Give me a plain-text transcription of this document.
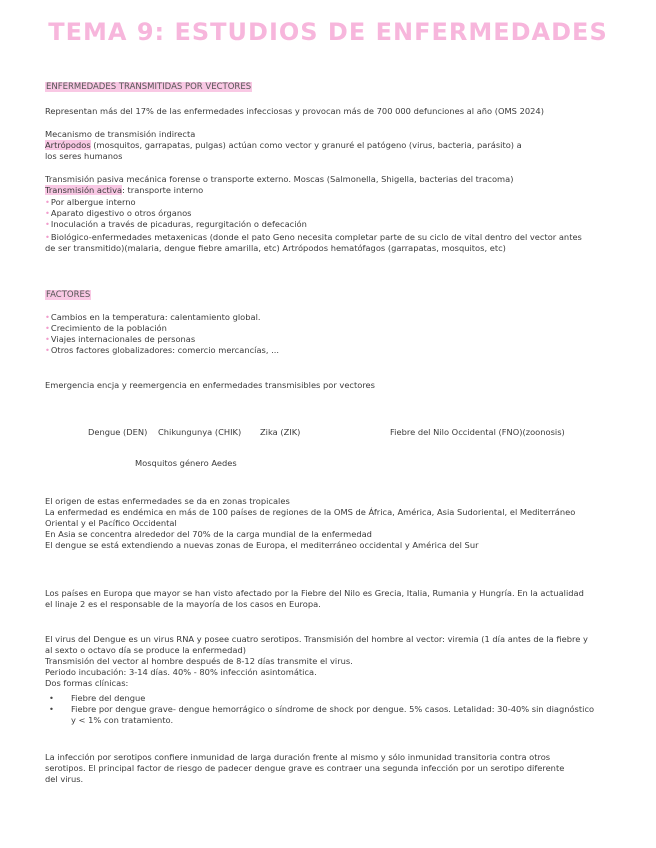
TEMA 9: ESTUDIOS DE ENFERMEDADES
ENFERMEDADES TRANSMITIDAS POR VECTORES
Representan más del 17% de las enfermedades infecciosas y provocan más de 700 000 defunciones al año (OMS 2024)
Mecanismo de transmisión indirecta
Artrópodos (mosquitos, garrapatas, pulgas) actúan como vector y granuré el patógeno (virus, bacteria, parásito) a los seres humanos
Transmisión pasiva mecánica forense o transporte externo. Moscas (Salmonella, Shigella, bacterias del tracoma)
Transmisión activa: transporte interno
•Por albergue interno
•Aparato digestivo o otros órganos
•Inoculación a través de picaduras, regurgitación o defecación
•Biológico-enfermedades metaxenicas (donde el pato Geno necesita completar parte de su ciclo de vital dentro del vector antes
de ser transmitido)(malaria, dengue fiebre amarilla, etc) Artrópodos hematófagos (garrapatas, mosquitos, etc)
FACTORES
•Cambios en la temperatura: calentamiento global.
•Crecimiento de la población
•Viajes internacionales de personas
•Otros factores globalizadores: comercio mercancías, ...
Emergencia encja y reemergencia en enfermedades transmisibles por vectores
Dengue (DEN) Chikungunya (CHIK) Zika (ZIK)	Fiebre del Nilo Occidental (FNO)(zoonosis)
Mosquitos género Aedes
El origen de estas enfermedades se da en zonas tropicales
La enfermedad es endémica en más de 100 países de regiones de la OMS de África, América, Asia Sudoriental, el Mediterráneo
Oriental y el Pacífico Occidental
En Asia se concentra alrededor del 70% de la carga mundial de la enfermedad
El dengue se está extendiendo a nuevas zonas de Europa, el mediterráneo occidental y América del Sur
Los países en Europa que mayor se han visto afectado por la Fiebre del Nilo es Grecia, Italia, Rumania y Hungría. En la actualidad
el linaje 2 es el responsable de la mayoría de los casos en Europa.
El virus del Dengue es un virus RNA y posee cuatro serotipos. Transmisión del hombre al vector: viremia (1 día antes de la fiebre y
al sexto o octavo día se produce la enfermedad)
Transmisión del vector al hombre después de 8-12 días transmite el virus.
Periodo incubación: 3-14 días. 40% - 80% infección asintomática.
Dos formas clínicas:
• Fiebre del dengue
• Fiebre por dengue grave- dengue hemorrágico o síndrome de shock por dengue. 5% casos. Letalidad: 30-40% sin diagnóstico
y < 1% con tratamiento.
La infección por serotipos confiere inmunidad de larga duración frente al mismo y sólo inmunidad transitoria contra otros
serotipos. El principal factor de riesgo de padecer dengue grave es contraer una segunda infección por un serotipo diferente
del virus.
